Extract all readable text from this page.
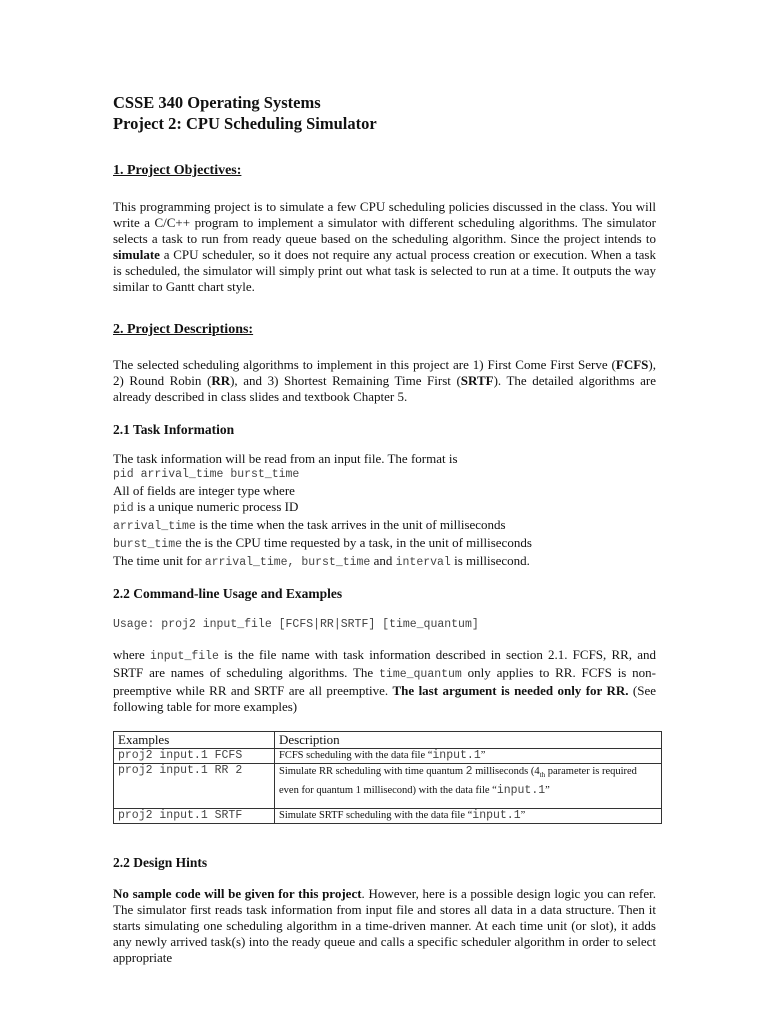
CSSE 340 Operating Systems

Project 2: CPU Scheduling Simulator

1. Project Objectives:

This programming project is to simulate a few CPU scheduling policies discussed in the class. You will write a C/C++ program to implement a simulator with different scheduling algorithms. The simulator selects a task to run from ready queue based on the scheduling algorithm. Since the project intends to simulate a CPU scheduler, so it does not require any actual process creation or execution. When a task is scheduled, the simulator will simply print out what task is selected to run at a time. It outputs the way similar to Gantt chart style.

2. Project Descriptions:

The selected scheduling algorithms to implement in this project are 1) First Come First Serve (FCFS), 2) Round Robin (RR), and 3) Shortest Remaining Time First (SRTF). The detailed algorithms are already described in class slides and textbook Chapter 5.

2.1 Task Information

The task information will be read from an input file. The format is

pid arrival_time burst_time

All of fields are integer type where

pid is a unique numeric process ID

arrival_time is the time when the task arrives in the unit of milliseconds

burst_time the is the CPU time requested by a task, in the unit of milliseconds

The time unit for arrival_time, burst_time and interval is millisecond.

2.2 Command-line Usage and Examples

Usage: proj2 input_file [FCFS|RR|SRTF] [time_quantum]

where input_file is the file name with task information described in section 2.1. FCFS, RR, and SRTF are names of scheduling algorithms. The time_quantum only applies to RR. FCFS is non-preemptive while RR and SRTF are all preemptive. The last argument is needed only for RR. (See following table for more examples)

Examples	Description
proj2 input.1 FCFS	FCFS scheduling with the data file “input.1”
proj2 input.1 RR 2	Simulate RR scheduling with time quantum 2 milliseconds ($4_{th}$ parameter is required even for quantum 1 millisecond) with the data file “input.1”
proj2 input.1 SRTF	Simulate SRTF scheduling with the data file “input.1”

2.2 Design Hints

No sample code will be given for this project. However, here is a possible design logic you can refer. The simulator first reads task information from input file and stores all data in a data structure. Then it starts simulating one scheduling algorithm in a time-driven manner. At each time unit (or slot), it adds any newly arrived task(s) into the ready queue and calls a specific scheduler algorithm in order to select appropriate
